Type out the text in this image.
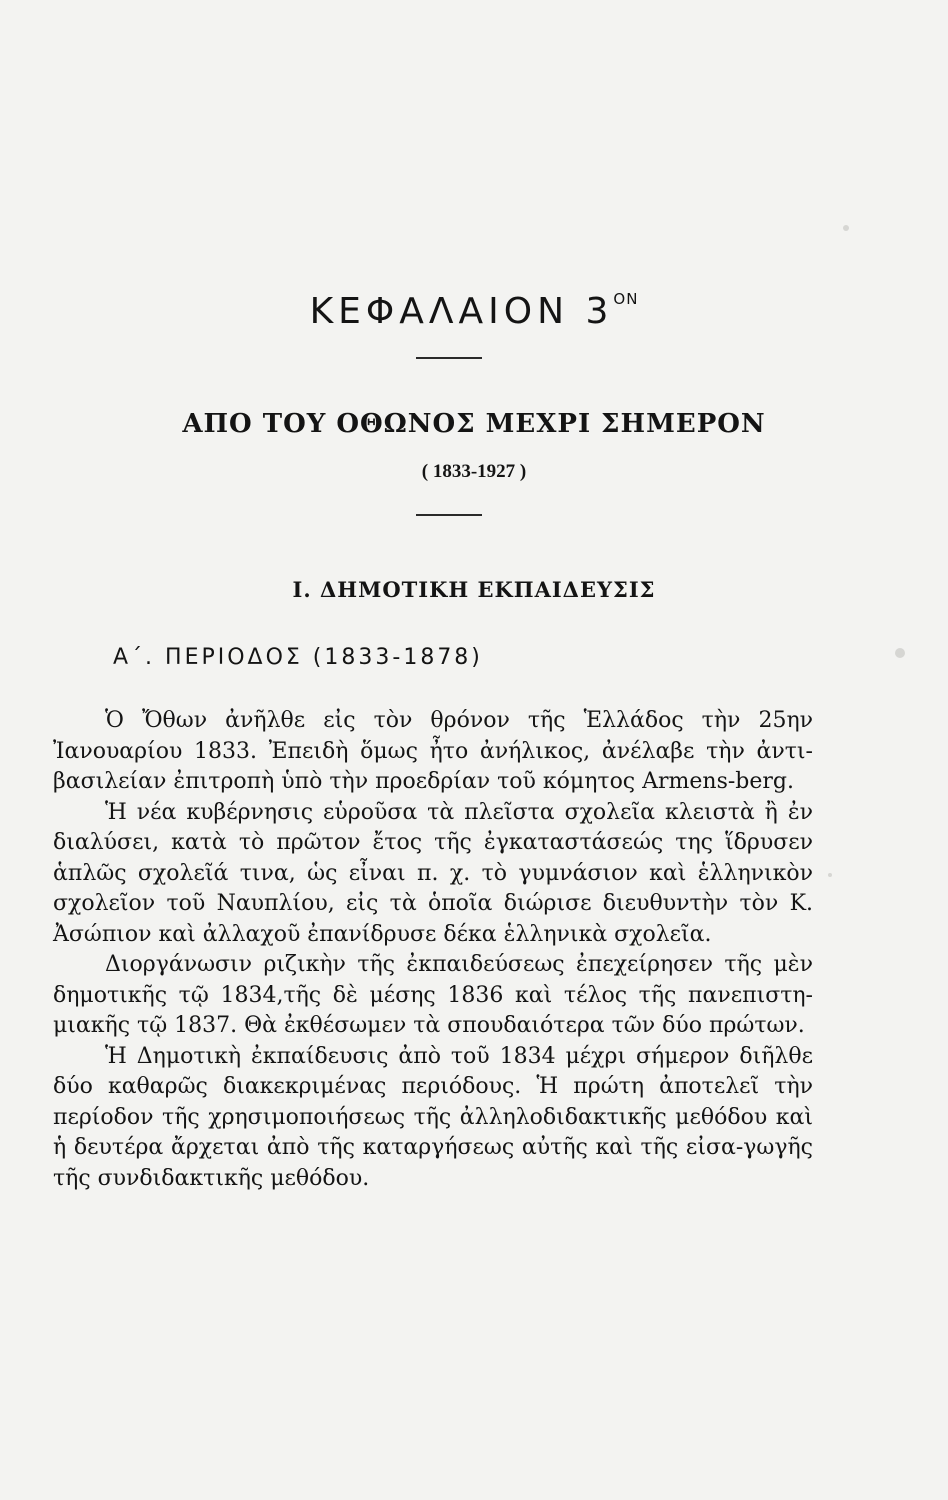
ΚΕΦΑΛΑΙΟΝ $3^{ON}$
ΑΠΟ ΤΟΥ ΟΘΩΝΟΣ ΜΕΧΡΙ ΣΗΜΕΡΟΝ
( 1833-1927 )
I. ΔΗΜΟΤΙΚΗ ΕΚΠΑΙΔΕΥΣΙΣ
Α΄. ΠΕΡΙΟΔΟΣ (1833-1878)

Ὁ Ὄθων ἀνῆλθε εἰς τὸν θρόνον τῆς Ἑλλάδος τὴν 25ην Ἰανουαρίου 1833. Ἐπειδὴ ὅμως ἦτο ἀνήλικος, ἀνέλαβε τὴν ἀντι-βασιλείαν ἐπιτροπὴ ὑπὸ τὴν προεδρίαν τοῦ κόμητος Armens-berg.

Ἡ νέα κυβέρνησις εὑροῦσα τὰ πλεῖστα σχολεῖα κλειστὰ ἢ ἐν διαλύσει, κατὰ τὸ πρῶτον ἔτος τῆς ἐγκαταστάσεώς της ἵδρυσεν ἁπλῶς σχολεῖά τινα, ὡς εἶναι π. χ. τὸ γυμνάσιον καὶ ἑλληνικὸν σχολεῖον τοῦ Ναυπλίου, εἰς τὰ ὁποῖα διώρισε διευθυντὴν τὸν Κ. Ἀσώπιον καὶ ἀλλαχοῦ ἐπανίδρυσε δέκα ἑλληνικὰ σχολεῖα.

Διοργάνωσιν ριζικὴν τῆς ἐκπαιδεύσεως ἐπεχείρησεν τῆς μὲν δημοτικῆς τῷ 1834,τῆς δὲ μέσης 1836 καὶ τέλος τῆς πανεπιστη-μιακῆς τῷ 1837. Θὰ ἐκθέσωμεν τὰ σπουδαιότερα τῶν δύο πρώτων.

Ἡ Δημοτικὴ ἐκπαίδευσις ἀπὸ τοῦ 1834 μέχρι σήμερον διῆλθε δύο καθαρῶς διακεκριμένας περιόδους. Ἡ πρώτη ἀποτελεῖ τὴν περίοδον τῆς χρησιμοποιήσεως τῆς ἀλληλοδιδακτικῆς μεθόδου καὶ ἡ δευτέρα ἄρχεται ἀπὸ τῆς καταργήσεως αὐτῆς καὶ τῆς εἰσα-γωγῆς τῆς συνδιδακτικῆς μεθόδου.
